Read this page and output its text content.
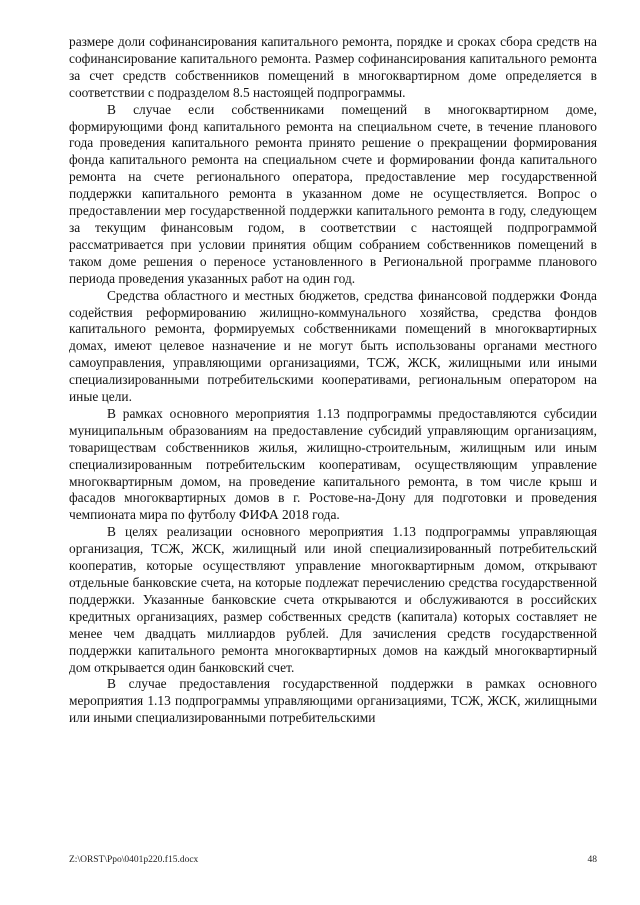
размере доли софинансирования капитального ремонта, порядке и сроках сбора средств на софинансирование капитального ремонта. Размер софинансирования капитального ремонта за счет средств собственников помещений в многоквартирном доме определяется в соответствии с подразделом 8.5 настоящей подпрограммы.

В случае если собственниками помещений в многоквартирном доме, формирующими фонд капитального ремонта на специальном счете, в течение планового года проведения капитального ремонта принято решение о прекращении формирования фонда капитального ремонта на специальном счете и формировании фонда капитального ремонта на счете регионального оператора, предоставление мер государственной поддержки капитального ремонта в указанном доме не осуществляется. Вопрос о предоставлении мер государственной поддержки капитального ремонта в году, следующем за текущим финансовым годом, в соответствии с настоящей подпрограммой рассматривается при условии принятия общим собранием собственников помещений в таком доме решения о переносе установленного в Региональной программе планового периода проведения указанных работ на один год.

Средства областного и местных бюджетов, средства финансовой поддержки Фонда содействия реформированию жилищно-коммунального хозяйства, средства фондов капитального ремонта, формируемых собственниками помещений в многоквартирных домах, имеют целевое назначение и не могут быть использованы органами местного самоуправления, управляющими организациями, ТСЖ, ЖСК, жилищными или иными специализированными потребительскими кооперативами, региональным оператором на иные цели.

В рамках основного мероприятия 1.13 подпрограммы предоставляются субсидии муниципальным образованиям на предоставление субсидий управляющим организациям, товариществам собственников жилья, жилищно-строительным, жилищным или иным специализированным потребительским кооперативам, осуществляющим управление многоквартирным домом, на проведение капитального ремонта, в том числе крыш и фасадов многоквартирных домов в г. Ростове-на-Дону для подготовки и проведения чемпионата мира по футболу ФИФА 2018 года.

В целях реализации основного мероприятия 1.13 подпрограммы управляющая организация, ТСЖ, ЖСК, жилищный или иной специализированный потребительский кооператив, которые осуществляют управление многоквартирным домом, открывают отдельные банковские счета, на которые подлежат перечислению средства государственной поддержки. Указанные банковские счета открываются и обслуживаются в российских кредитных организациях, размер собственных средств (капитала) которых составляет не менее чем двадцать миллиардов рублей. Для зачисления средств государственной поддержки капитального ремонта многоквартирных домов на каждый многоквартирный дом открывается один банковский счет.

В случае предоставления государственной поддержки в рамках основного мероприятия 1.13 подпрограммы управляющими организациями, ТСЖ, ЖСК, жилищными или иными специализированными потребительскими

Z:\ORST\Ppo\0401p220.f15.docx	48
